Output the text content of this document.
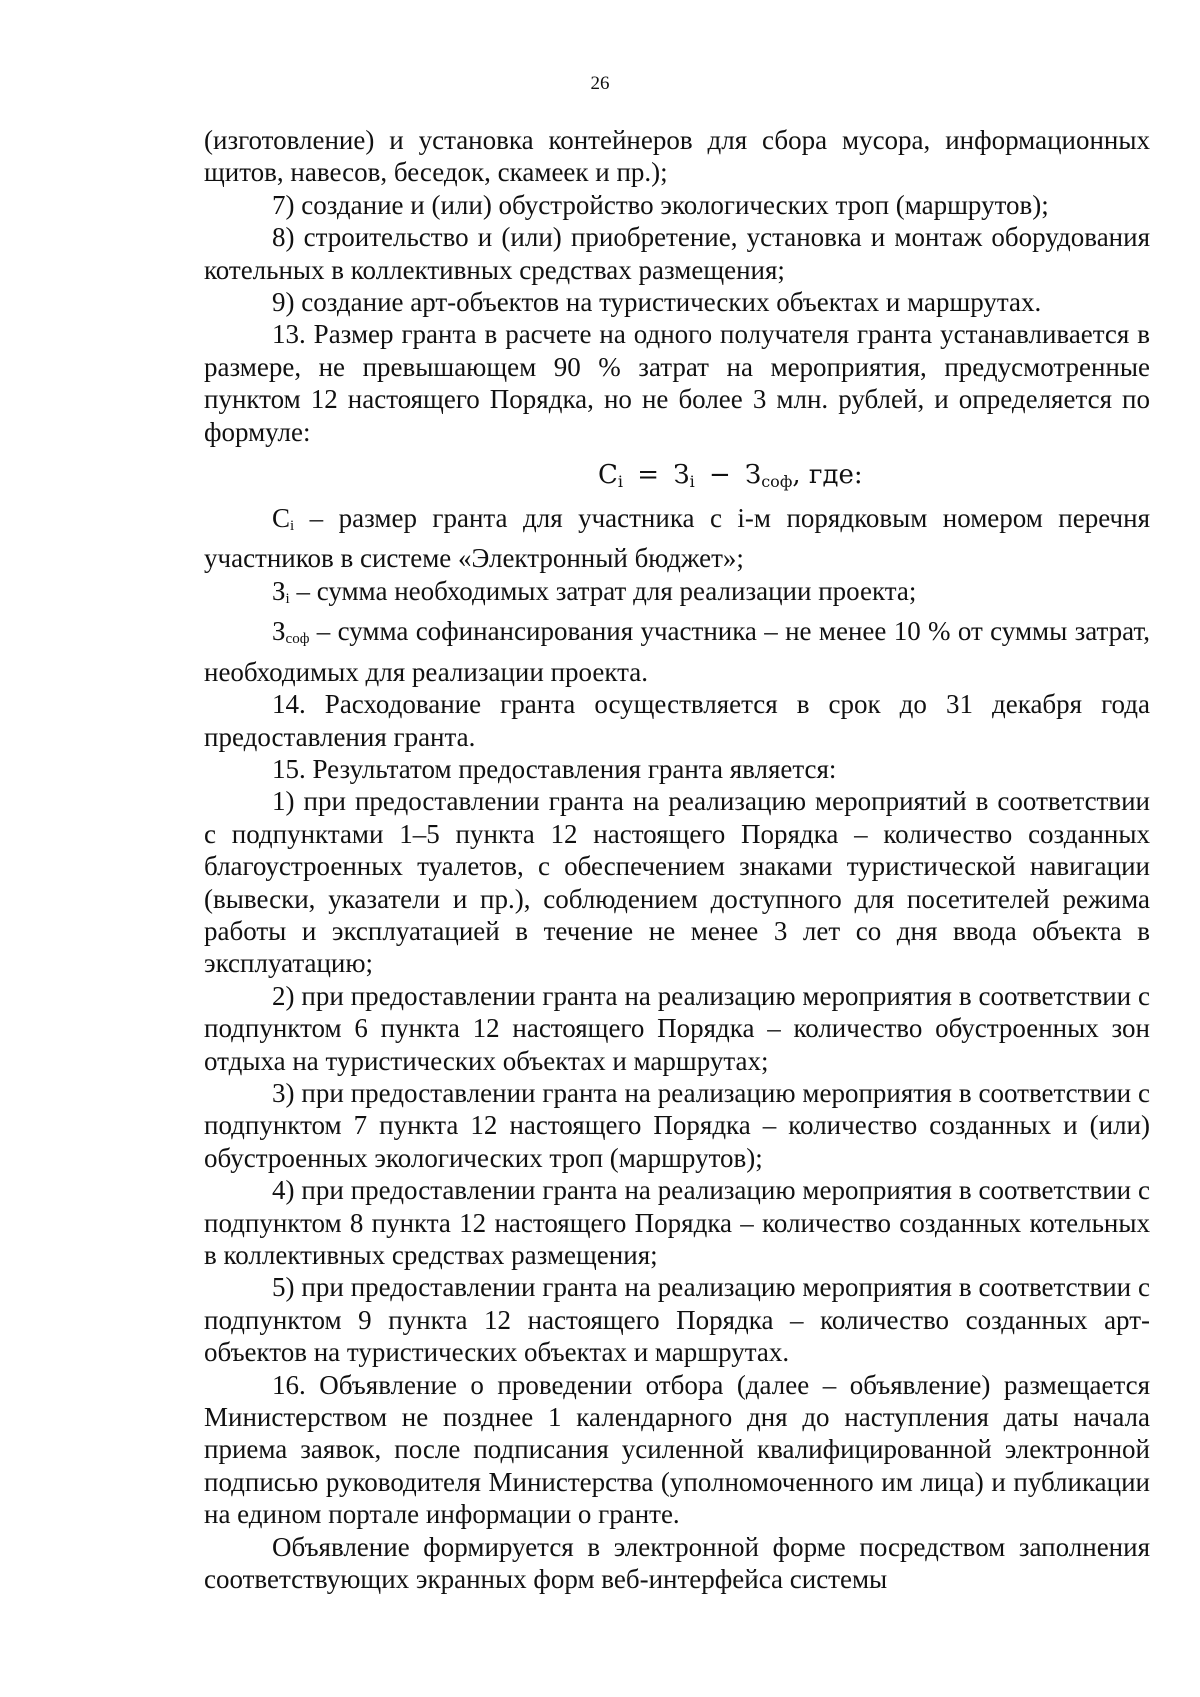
26

(изготовление) и установка контейнеров для сбора мусора, информационных щитов, навесов, беседок, скамеек и пр.);

7) создание и (или) обустройство экологических троп (маршрутов);

8) строительство и (или) приобретение, установка и монтаж оборудования котельных в коллективных средствах размещения;

9) создание арт-объектов на туристических объектах и маршрутах.

13. Размер гранта в расчете на одного получателя гранта устанавливается в размере, не превышающем 90 % затрат на мероприятия, предусмотренные пунктом 12 настоящего Порядка, но не более 3 млн. рублей, и определяется по формуле:

$C_i = З_i - З_{соф}$, где:

Сi – размер гранта для участника с i-м порядковым номером перечня участников в системе «Электронный бюджет»;

Зi – сумма необходимых затрат для реализации проекта;

Зсоф – сумма софинансирования участника – не менее 10 % от суммы затрат, необходимых для реализации проекта.

14. Расходование гранта осуществляется в срок до 31 декабря года предоставления гранта.

15. Результатом предоставления гранта является:

1) при предоставлении гранта на реализацию мероприятий в соответствии с подпунктами 1–5 пункта 12 настоящего Порядка – количество созданных благоустроенных туалетов, с обеспечением знаками туристической навигации (вывески, указатели и пр.), соблюдением доступного для посетителей режима работы и эксплуатацией в течение не менее 3 лет со дня ввода объекта в эксплуатацию;

2) при предоставлении гранта на реализацию мероприятия в соответствии с подпунктом 6 пункта 12 настоящего Порядка – количество обустроенных зон отдыха на туристических объектах и маршрутах;

3) при предоставлении гранта на реализацию мероприятия в соответствии с подпунктом 7 пункта 12 настоящего Порядка – количество созданных и (или) обустроенных экологических троп (маршрутов);

4) при предоставлении гранта на реализацию мероприятия в соответствии с подпунктом 8 пункта 12 настоящего Порядка – количество созданных котельных в коллективных средствах размещения;

5) при предоставлении гранта на реализацию мероприятия в соответствии с подпунктом 9 пункта 12 настоящего Порядка – количество созданных арт-объектов на туристических объектах и маршрутах.

16. Объявление о проведении отбора (далее – объявление) размещается Министерством не позднее 1 календарного дня до наступления даты начала приема заявок, после подписания усиленной квалифицированной электронной подписью руководителя Министерства (уполномоченного им лица) и публикации на едином портале информации о гранте.

Объявление формируется в электронной форме посредством заполнения соответствующих экранных форм веб-интерфейса системы
